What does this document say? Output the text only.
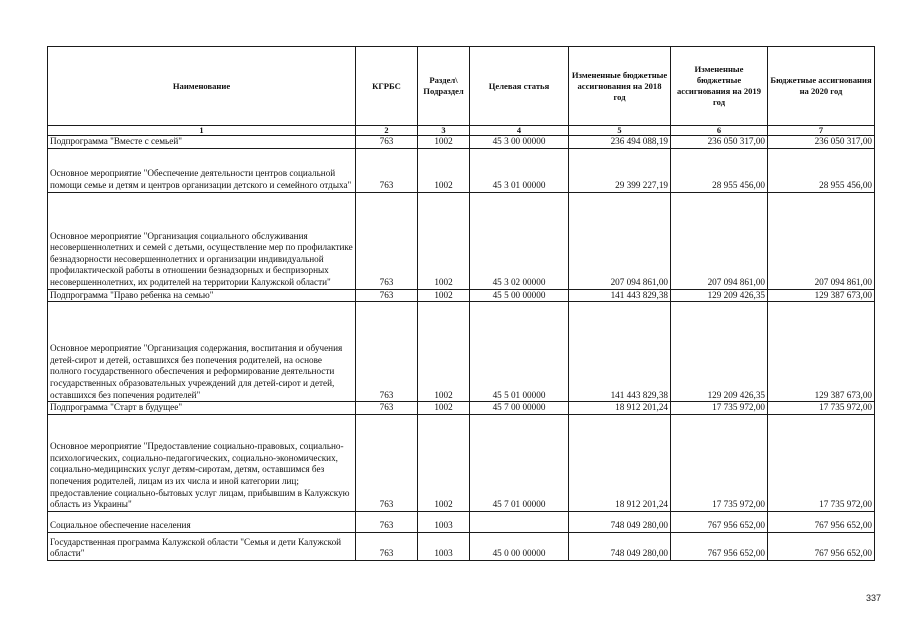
Наименование	КГРБС	Раздел\ Подраздел	Целевая статья	Измененные бюджетные ассигнования на 2018 год	Измененные бюджетные ассигнования на 2019 год	Бюджетные ассигнования на 2020 год
1	2	3	4	5	6	7
Подпрограмма "Вместе с семьей"	763	1002	45 3 00 00000	236 494 088,19	236 050 317,00	236 050 317,00
Основное мероприятие "Обеспечение деятельности центров социальной помощи семье и детям и центров организации детского и семейного отдыха"	763	1002	45 3 01 00000	29 399 227,19	28 955 456,00	28 955 456,00
Основное мероприятие "Организация социального обслуживания несовершеннолетних и семей с детьми, осуществление мер по профилактике безнадзорности несовершеннолетних и организации индивидуальной профилактической работы в отношении безнадзорных и беспризорных несовершеннолетних, их родителей на территории Калужской области"	763	1002	45 3 02 00000	207 094 861,00	207 094 861,00	207 094 861,00
Подпрограмма "Право ребенка на семью"	763	1002	45 5 00 00000	141 443 829,38	129 209 426,35	129 387 673,00
Основное мероприятие "Организация содержания, воспитания и обучения детей-сирот и детей, оставшихся без попечения родителей, на основе полного государственного обеспечения и реформирование деятельности государственных образовательных учреждений для детей-сирот и детей, оставшихся без попечения родителей"	763	1002	45 5 01 00000	141 443 829,38	129 209 426,35	129 387 673,00
Подпрограмма "Старт в будущее"	763	1002	45 7 00 00000	18 912 201,24	17 735 972,00	17 735 972,00
Основное мероприятие "Предоставление социально-правовых, социально-психологических, социально-педагогических, социально-экономических, социально-медицинских услуг детям-сиротам, детям, оставшимся без попечения родителей, лицам из их числа и иной категории лиц; предоставление социально-бытовых услуг лицам, прибывшим в Калужскую область из Украины"	763	1002	45 7 01 00000	18 912 201,24	17 735 972,00	17 735 972,00
Социальное обеспечение населения	763	1003		748 049 280,00	767 956 652,00	767 956 652,00
Государственная программа Калужской области "Семья и дети Калужской области"	763	1003	45 0 00 00000	748 049 280,00	767 956 652,00	767 956 652,00
337
